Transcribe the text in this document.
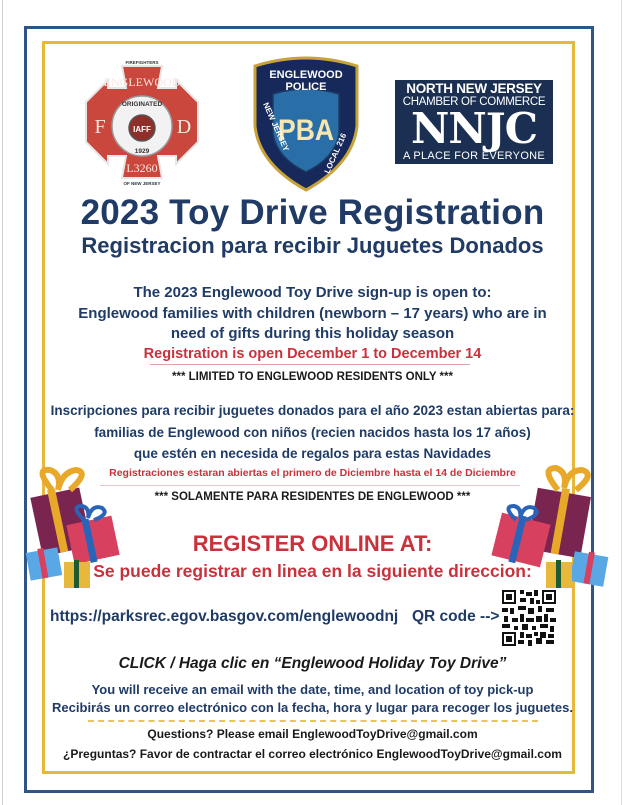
IAFF
ENGLEWOOD
ORIGINATED
F	D
1929
L3260
FIREFIGHTERS
OF NEW JERSEY
ENGLEWOOD
POLICE
PBA
NEW JERSEY
LOCAL 216
NORTH NEW JERSEY
CHAMBER OF COMMERCE
NNJC
A PLACE FOR EVERYONE
2023 Toy Drive Registration
Registracion para recibir Juguetes Donados
The 2023 Englewood Toy Drive sign-up is open to:
Englewood families with children (newborn – 17 years) who are in
need of gifts during this holiday season
Registration is open December 1 to December 14
*** LIMITED TO ENGLEWOOD RESIDENTS ONLY ***
Inscripciones para recibir juguetes donados para el año 2023 estan abiertas para:
familias de Englewood con niños (recien nacidos hasta los 17 años)
que estén en necesida de regalos para estas Navidades
Registraciones estaran abiertas el primero de Diciembre hasta el 14 de Diciembre
*** SOLAMENTE PARA RESIDENTES DE ENGLEWOOD ***
REGISTER ONLINE AT:
Se puede registrar en linea en la siguiente direccion:
https://parksrec.egov.basgov.com/englewoodnj QR code -->
CLICK / Haga clic en “Englewood Holiday Toy Drive”
You will receive an email with the date, time, and location of toy pick-up
Recibirás un correo electrónico con la fecha, hora y lugar para recoger los juguetes.
Questions? Please email EnglewoodToyDrive@gmail.com
¿Preguntas? Favor de contractar el correo electrónico EnglewoodToyDrive@gmail.com
